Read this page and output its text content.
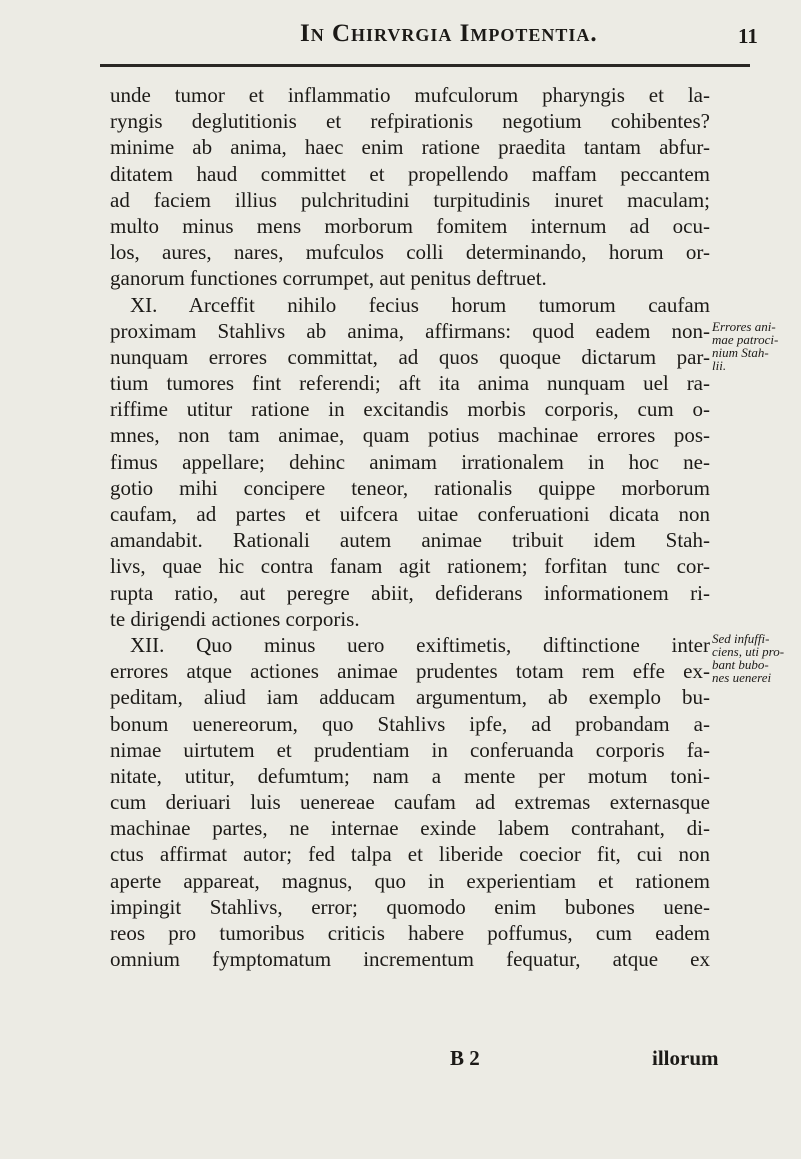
In Chirvrgia Impotentia.	11
unde tumor et inflammatio mufculorum pharyngis et la-
ryngis deglutitionis et refpirationis negotium cohibentes?
minime ab anima, haec enim ratione praedita tantam abfur-
ditatem haud committet et propellendo maffam peccantem
ad faciem illius pulchritudini turpitudinis inuret maculam;
multo minus mens morborum fomitem internum ad ocu-
los, aures, nares, mufculos colli determinando, horum or-
ganorum functiones corrumpet, aut penitus deftruet.
XI. Arceffit nihilo fecius horum tumorum caufam
proximam Stahlivs ab anima, affirmans: quod eadem non-
nunquam errores committat, ad quos quoque dictarum par-
tium tumores fint referendi; aft ita anima nunquam uel ra-
riffime utitur ratione in excitandis morbis corporis, cum o-
mnes, non tam animae, quam potius machinae errores pos-
fimus appellare; dehinc animam irrationalem in hoc ne-
gotio mihi concipere teneor, rationalis quippe morborum
caufam, ad partes et uifcera uitae conferuationi dicata non
amandabit. Rationali autem animae tribuit idem Stah-
livs, quae hic contra fanam agit rationem; forfitan tunc cor-
rupta ratio, aut peregre abiit, defiderans informationem ri-
te dirigendi actiones corporis.
XII. Quo minus uero exiftimetis, diftinctione inter
errores atque actiones animae prudentes totam rem effe ex-
peditam, aliud iam adducam argumentum, ab exemplo bu-
bonum uenereorum, quo Stahlivs ipfe, ad probandam a-
nimae uirtutem et prudentiam in conferuanda corporis fa-
nitate, utitur, defumtum; nam a mente per motum toni-
cum deriuari luis uenereae caufam ad extremas externasque
machinae partes, ne internae exinde labem contrahant, di-
ctus affirmat autor; fed talpa et liberide coecior fit, cui non
aperte appareat, magnus, quo in experientiam et rationem
impingit Stahlivs, error; quomodo enim bubones uene-
reos pro tumoribus criticis habere poffumus, cum eadem
omnium fymptomatum incrementum fequatur, atque ex
B 2	illorum
Errores ani-
mae patroci-
nium Stah-
lii.
Sed infuffi-
ciens, uti pro-
bant bubo-
nes uenerei
